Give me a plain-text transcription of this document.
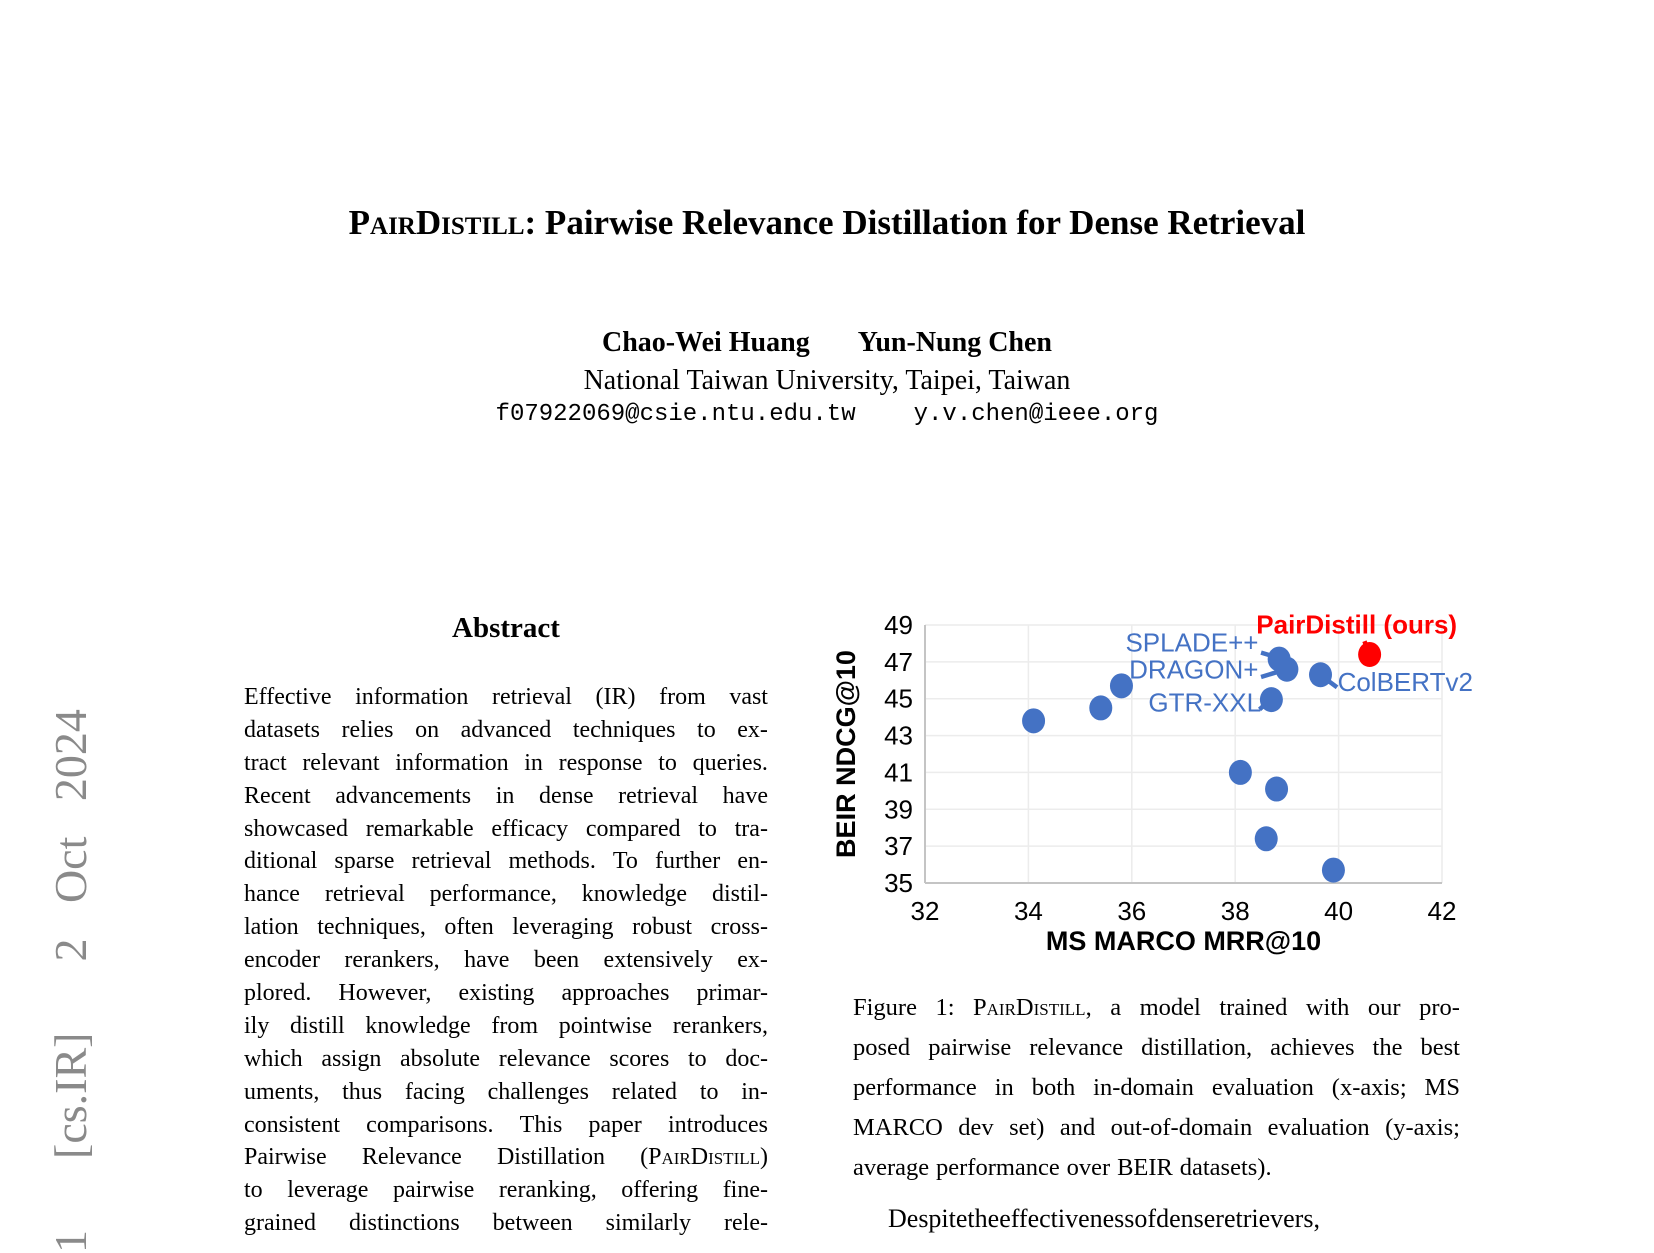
1  [cs.IR]  2 Oct 2024
PairDistill: Pairwise Relevance Distillation for Dense Retrieval
Chao-Wei Huang Yun-Nung Chen
National Taiwan University, Taipei, Taiwan
f07922069@csie.ntu.edu.tw y.v.chen@ieee.org
Abstract
Effective information retrieval (IR) from vast
datasets relies on advanced techniques to ex-
tract relevant information in response to queries.
Recent advancements in dense retrieval have
showcased remarkable efficacy compared to tra-
ditional sparse retrieval methods. To further en-
hance retrieval performance, knowledge distil-
lation techniques, often leveraging robust cross-
encoder rerankers, have been extensively ex-
plored. However, existing approaches primar-
ily distill knowledge from pointwise rerankers,
which assign absolute relevance scores to doc-
uments, thus facing challenges related to in-
consistent comparisons. This paper introduces
Pairwise Relevance Distillation (PairDistill)
to leverage pairwise reranking, offering fine-
grained distinctions between similarly rele-
35
37
39
41
43
45
47
49
32	34	36	38	40	42
MS MARCO MRR@10
BEIR NDCG@10
SPLADE++
DRAGON+
GTR-XXL
ColBERTv2
PairDistill (ours)
Figure 1: PairDistill, a model trained with our pro-
posed pairwise relevance distillation, achieves the best
performance in both in-domain evaluation (x-axis; MS
MARCO dev set) and out-of-domain evaluation (y-axis;
average performance over BEIR datasets).
Despite the effectiveness of dense retrievers,
